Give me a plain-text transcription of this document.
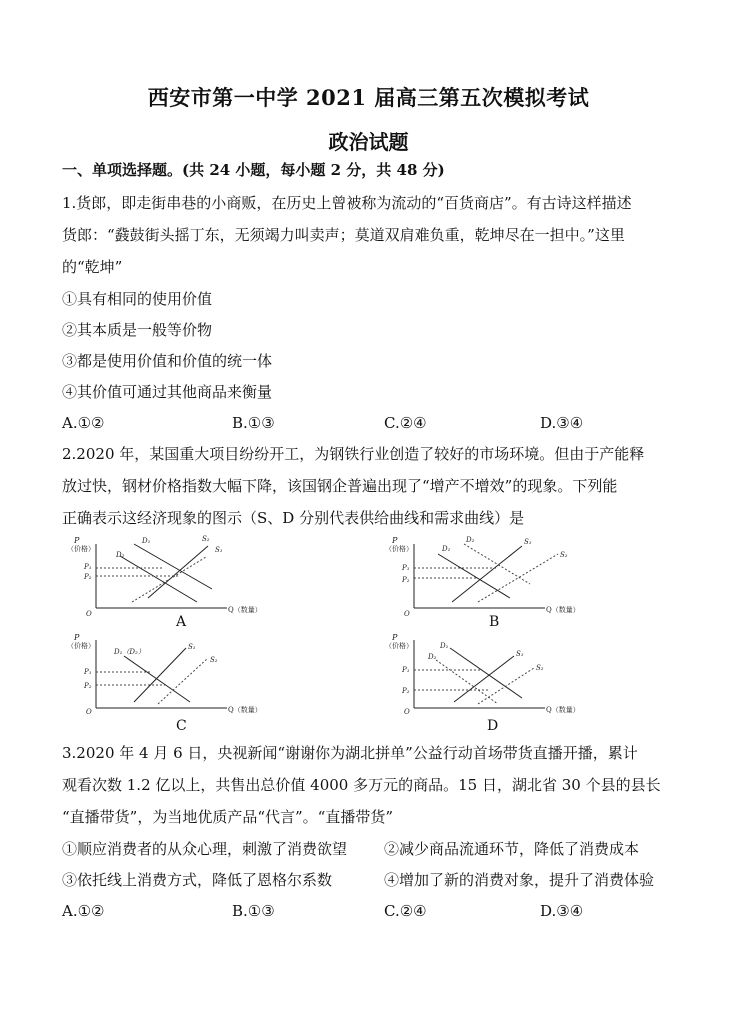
西安市第一中学 2021 届高三第五次模拟考试
政治试题
一、单项选择题。(共 24 小题，每小题 2 分，共 48 分)
1.货郎，即走街串巷的小商贩，在历史上曾被称为流动的“百货商店”。有古诗这样描述
货郎：“鼗鼓街头摇丁东，无须竭力叫卖声；莫道双肩难负重，乾坤尽在一担中。”这里
的“乾坤”
①具有相同的使用价值
②其本质是一般等价物
③都是使用价值和价值的统一体
④其价值可通过其他商品来衡量
A.①②	B.①③	C.②④	D.③④
2.2020 年，某国重大项目纷纷开工，为钢铁行业创造了较好的市场环境。但由于产能释
放过快，钢材价格指数大幅下降，该国钢企普遍出现了“增产不增效”的现象。下列能
正确表示这经济现象的图示（S、D 分别代表供给曲线和需求曲线）是
P
（价格）
O	Q（数量）
D₁
D₂
S₁
S₂
P₁
P₂
A
P
（价格）
O	Q（数量）
D₁
D₂	S₁
S₂
P₁
P₂
B
P
（价格）
O	Q（数量）
D₁（D₂）
S₁
S₂
P₁
P₂
C
P
（价格）
O	Q（数量）
D₁
D₂	S₁
S₂
P₁
P₂
D
3.2020 年 4 月 6 日，央视新闻“谢谢你为湖北拼单”公益行动首场带货直播开播，累计
观看次数 1.2 亿以上，共售出总价值 4000 多万元的商品。15 日，湖北省 30 个县的县长
“直播带货”，为当地优质产品“代言”。“直播带货”
①顺应消费者的从众心理，刺激了消费欲望 ②减少商品流通环节，降低了消费成本
③依托线上消费方式，降低了恩格尔系数	④增加了新的消费对象，提升了消费体验
A.①②	B.①③	C.②④	D.③④
